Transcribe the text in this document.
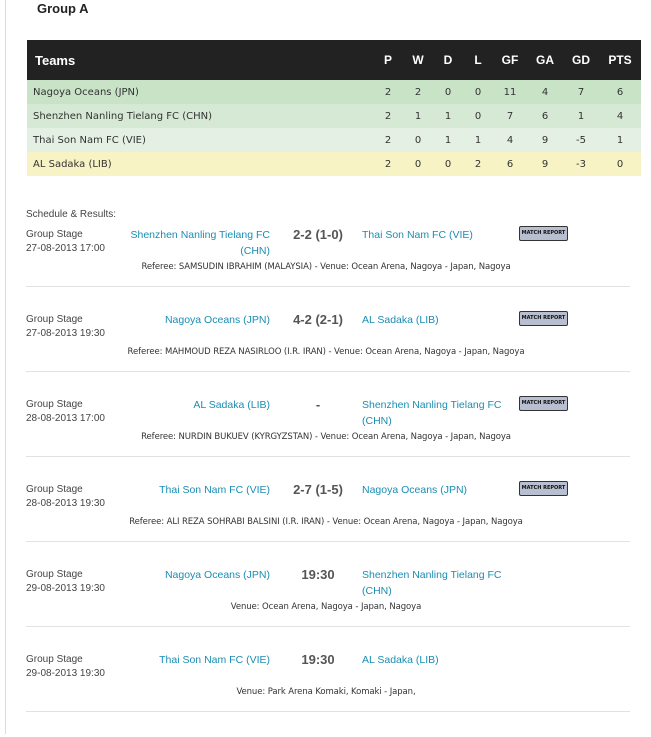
Group A
Teams	P	W	D	L	GF	GA	GD	PTS
Nagoya Oceans (JPN)	2	2	0	0	11	4	7	6
Shenzhen Nanling Tielang FC (CHN)	2	1	1	0	7	6	1	4
Thai Son Nam FC (VIE)	2	0	1	1	4	9	-5	1
AL Sadaka (LIB)	2	0	0	2	6	9	-3	0
Schedule & Results:
Group Stage
27-08-2013 17:00
Shenzhen Nanling Tielang FC (CHN)
2-2 (1-0)	Thai Son Nam FC (VIE)	MATCH REPORT
Referee: SAMSUDIN IBRAHIM (MALAYSIA) - Venue: Ocean Arena, Nagoya - Japan, Nagoya
Group Stage
27-08-2013 19:30
Nagoya Oceans (JPN)	4-2 (2-1)	AL Sadaka (LIB)	MATCH REPORT
Referee: MAHMOUD REZA NASIRLOO (I.R. IRAN) - Venue: Ocean Arena, Nagoya - Japan, Nagoya
Group Stage
28-08-2013 17:00
AL Sadaka (LIB)	-	Shenzhen Nanling Tielang FC (CHN)
MATCH REPORT
Referee: NURDIN BUKUEV (KYRGYZSTAN) - Venue: Ocean Arena, Nagoya - Japan, Nagoya
Group Stage
28-08-2013 19:30
Thai Son Nam FC (VIE)	2-7 (1-5)	Nagoya Oceans (JPN)	MATCH REPORT
Referee: ALI REZA SOHRABI BALSINI (I.R. IRAN) - Venue: Ocean Arena, Nagoya - Japan, Nagoya
Group Stage
29-08-2013 19:30
Nagoya Oceans (JPN)	19:30	Shenzhen Nanling Tielang FC (CHN)
Venue: Ocean Arena, Nagoya - Japan, Nagoya
Group Stage
29-08-2013 19:30
Thai Son Nam FC (VIE)	19:30	AL Sadaka (LIB)
Venue: Park Arena Komaki, Komaki - Japan,
